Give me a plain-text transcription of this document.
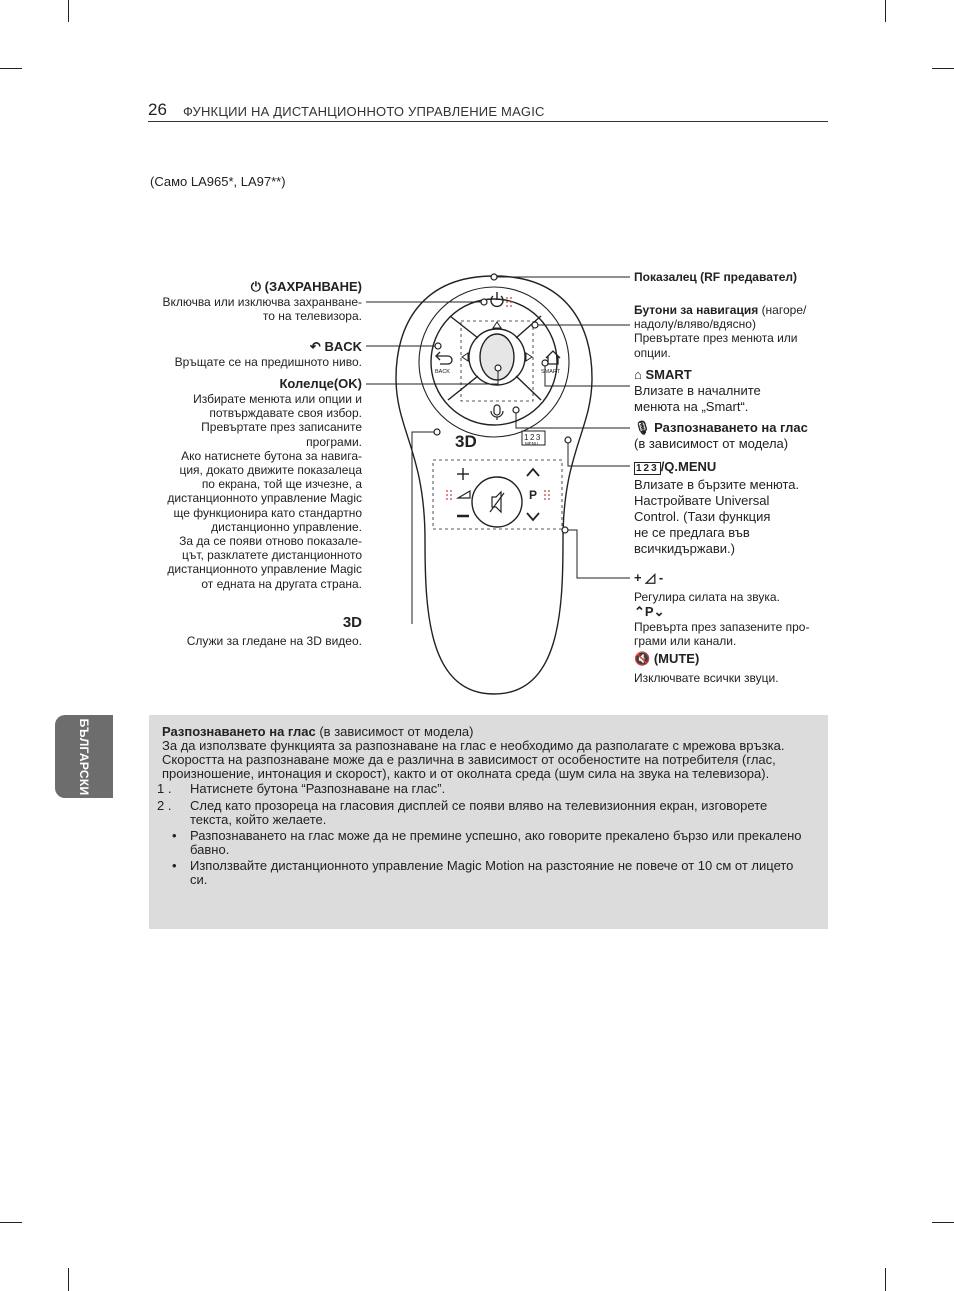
26 ФУНКЦИИ НА ДИСТАНЦИОННОТО УПРАВЛЕНИЕ MAGIC
(Само LA965*, LA97**)
БЪЛГАРСКИ
BACK	SMART
3D	123
MENU
P
⏻ (ЗАХРАНВАНЕ)
Включва или изключва захранване-
то на телевизора.
↶ BACK
Връщате се на предишното ниво.
Колелце(OK)
Избирате менюта или опции и
потвърждавате своя избор.
Превъртате през записаните
програми.
Ако натиснете бутона за навига-
ция, докато движите показалеца
по екрана, той ще изчезне, а
дистанционното управление Magic
ще функционира като стандартно
дистанционно управление.
За да се появи отново показале-
цът, разклатете дистанционното
дистанционното управление Magic
от едната на другата страна.
3D
Служи за гледане на 3D видео.
Показалец (RF предавател)
Бутони за навигация (нагоре/
надолу/вляво/вдясно)
Превъртате през менюта или
опции.
⌂ SMART
Влизате в началните
менюта на „Smart“.
🎙 Разпознаването на глас
(в зависимост от модела)
123 /Q.MENU
Влизате в бързите менюта.
Настройвате Universal
Control. (Тази функция
не се предлага във
всичкидържави.)
+ ◿ -
Регулира силата на звука.
⌃P⌄
Превърта през запазените про-
грами или канали.
🔇 (MUTE)
Изключвате всички звуци.

Разпознаването на глас (в зависимост от модела)

За да използвате функцията за разпознаване на глас е необходимо да разполагате с мрежова връзка.

Скоростта на разпознаване може да е различна в зависимост от особеностите на потребителя (глас, произношение, интонация и скорост), както и от околната среда (шум сила на звука на телевизора).

1 . Натиснете бутона “Разпознаване на глас”.
2 . След като прозореца на гласовия дисплей се появи вляво на телевизионния екран, изговорете текста, който желаете.
• Разпознаването на глас може да не премине успешно, ако говорите прекалено бързо или прекалено бавно.
• Използвайте дистанционното управление Magic Motion на разстояние не повече от 10 см от лицето си.
